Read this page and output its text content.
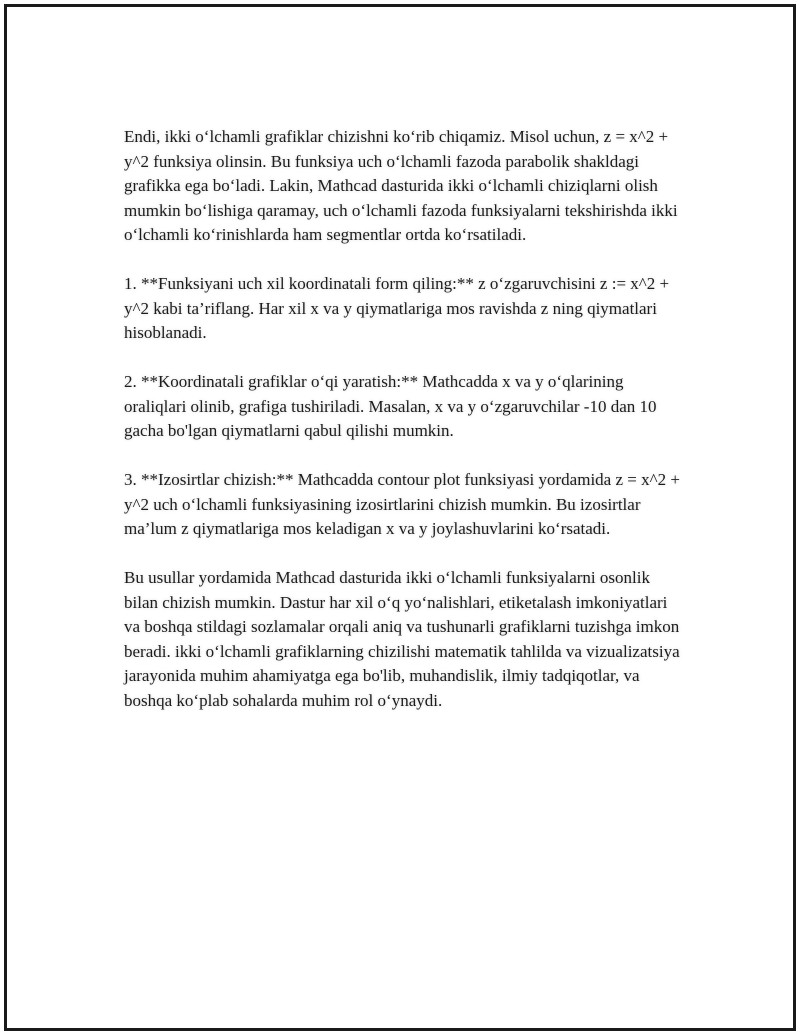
Endi, ikki o‘lchamli grafiklar chizishni ko‘rib chiqamiz. Misol uchun, z = x^2 + y^2 funksiya olinsin. Bu funksiya uch o‘lchamli fazoda parabolik shakldagi grafikka ega bo‘ladi. Lakin, Mathcad dasturida ikki o‘lchamli chiziqlarni olish mumkin bo‘lishiga qaramay, uch o‘lchamli fazoda funksiyalarni tekshirishda ikki o‘lchamli ko‘rinishlarda ham segmentlar ortda ko‘rsatiladi.

1. **Funksiyani uch xil koordinatali form qiling:** z o‘zgaruvchisini z := x^2 + y^2 kabi ta’riflang. Har xil x va y qiymatlariga mos ravishda z ning qiymatlari hisoblanadi.

2. **Koordinatali grafiklar o‘qi yaratish:** Mathcadda x va y o‘qlarining oraliqlari olinib, grafiga tushiriladi. Masalan, x va y o‘zgaruvchilar -10 dan 10 gacha bo'lgan qiymatlarni qabul qilishi mumkin.

3. **Izosirtlar chizish:** Mathcadda contour plot funksiyasi yordamida z = x^2 + y^2 uch o‘lchamli funksiyasining izosirtlarini chizish mumkin. Bu izosirtlar ma’lum z qiymatlariga mos keladigan x va y joylashuvlarini ko‘rsatadi.

Bu usullar yordamida Mathcad dasturida ikki o‘lchamli funksiyalarni osonlik bilan chizish mumkin. Dastur har xil o‘q yo‘nalishlari, etiketalash imkoniyatlari va boshqa stildagi sozlamalar orqali aniq va tushunarli grafiklarni tuzishga imkon beradi. ikki o‘lchamli grafiklarning chizilishi matematik tahlilda va vizualizatsiya jarayonida muhim ahamiyatga ega bo'lib, muhandislik, ilmiy tadqiqotlar, va boshqa ko‘plab sohalarda muhim rol o‘ynaydi.
